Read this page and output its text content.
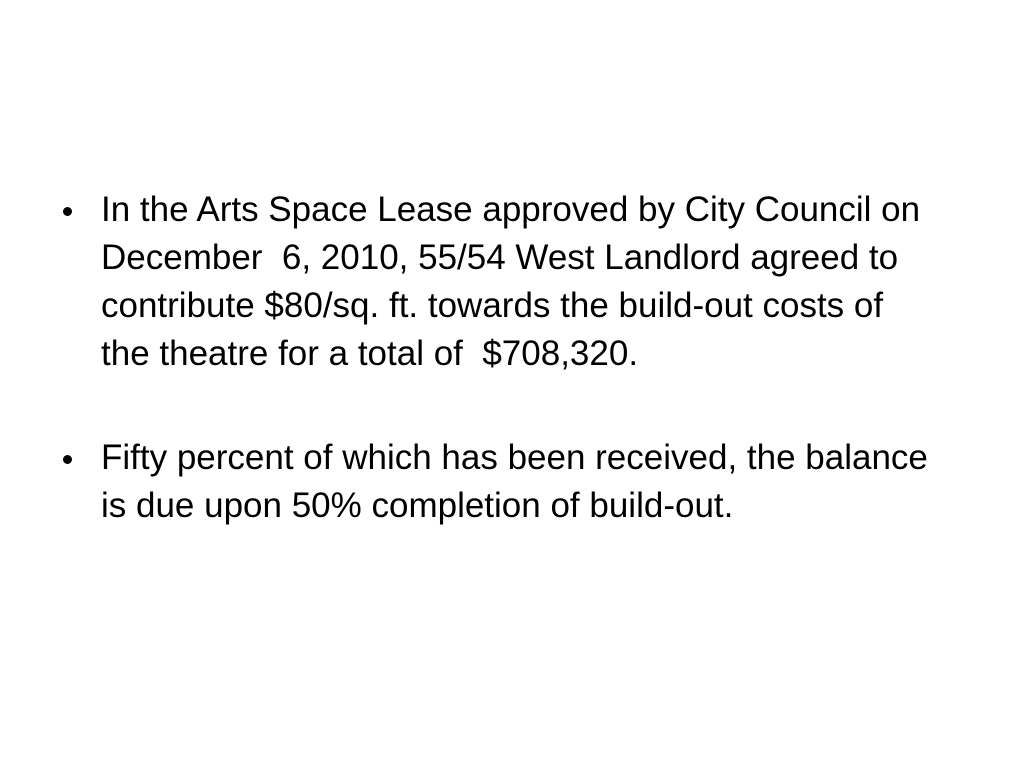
In the Arts Space Lease approved by City Council on
December  6, 2010, 55/54 West Landlord agreed to
contribute $80/sq. ft. towards the build-out costs of
the theatre for a total of  $708,320.
Fifty percent of which has been received, the balance
is due upon 50% completion of build-out.
